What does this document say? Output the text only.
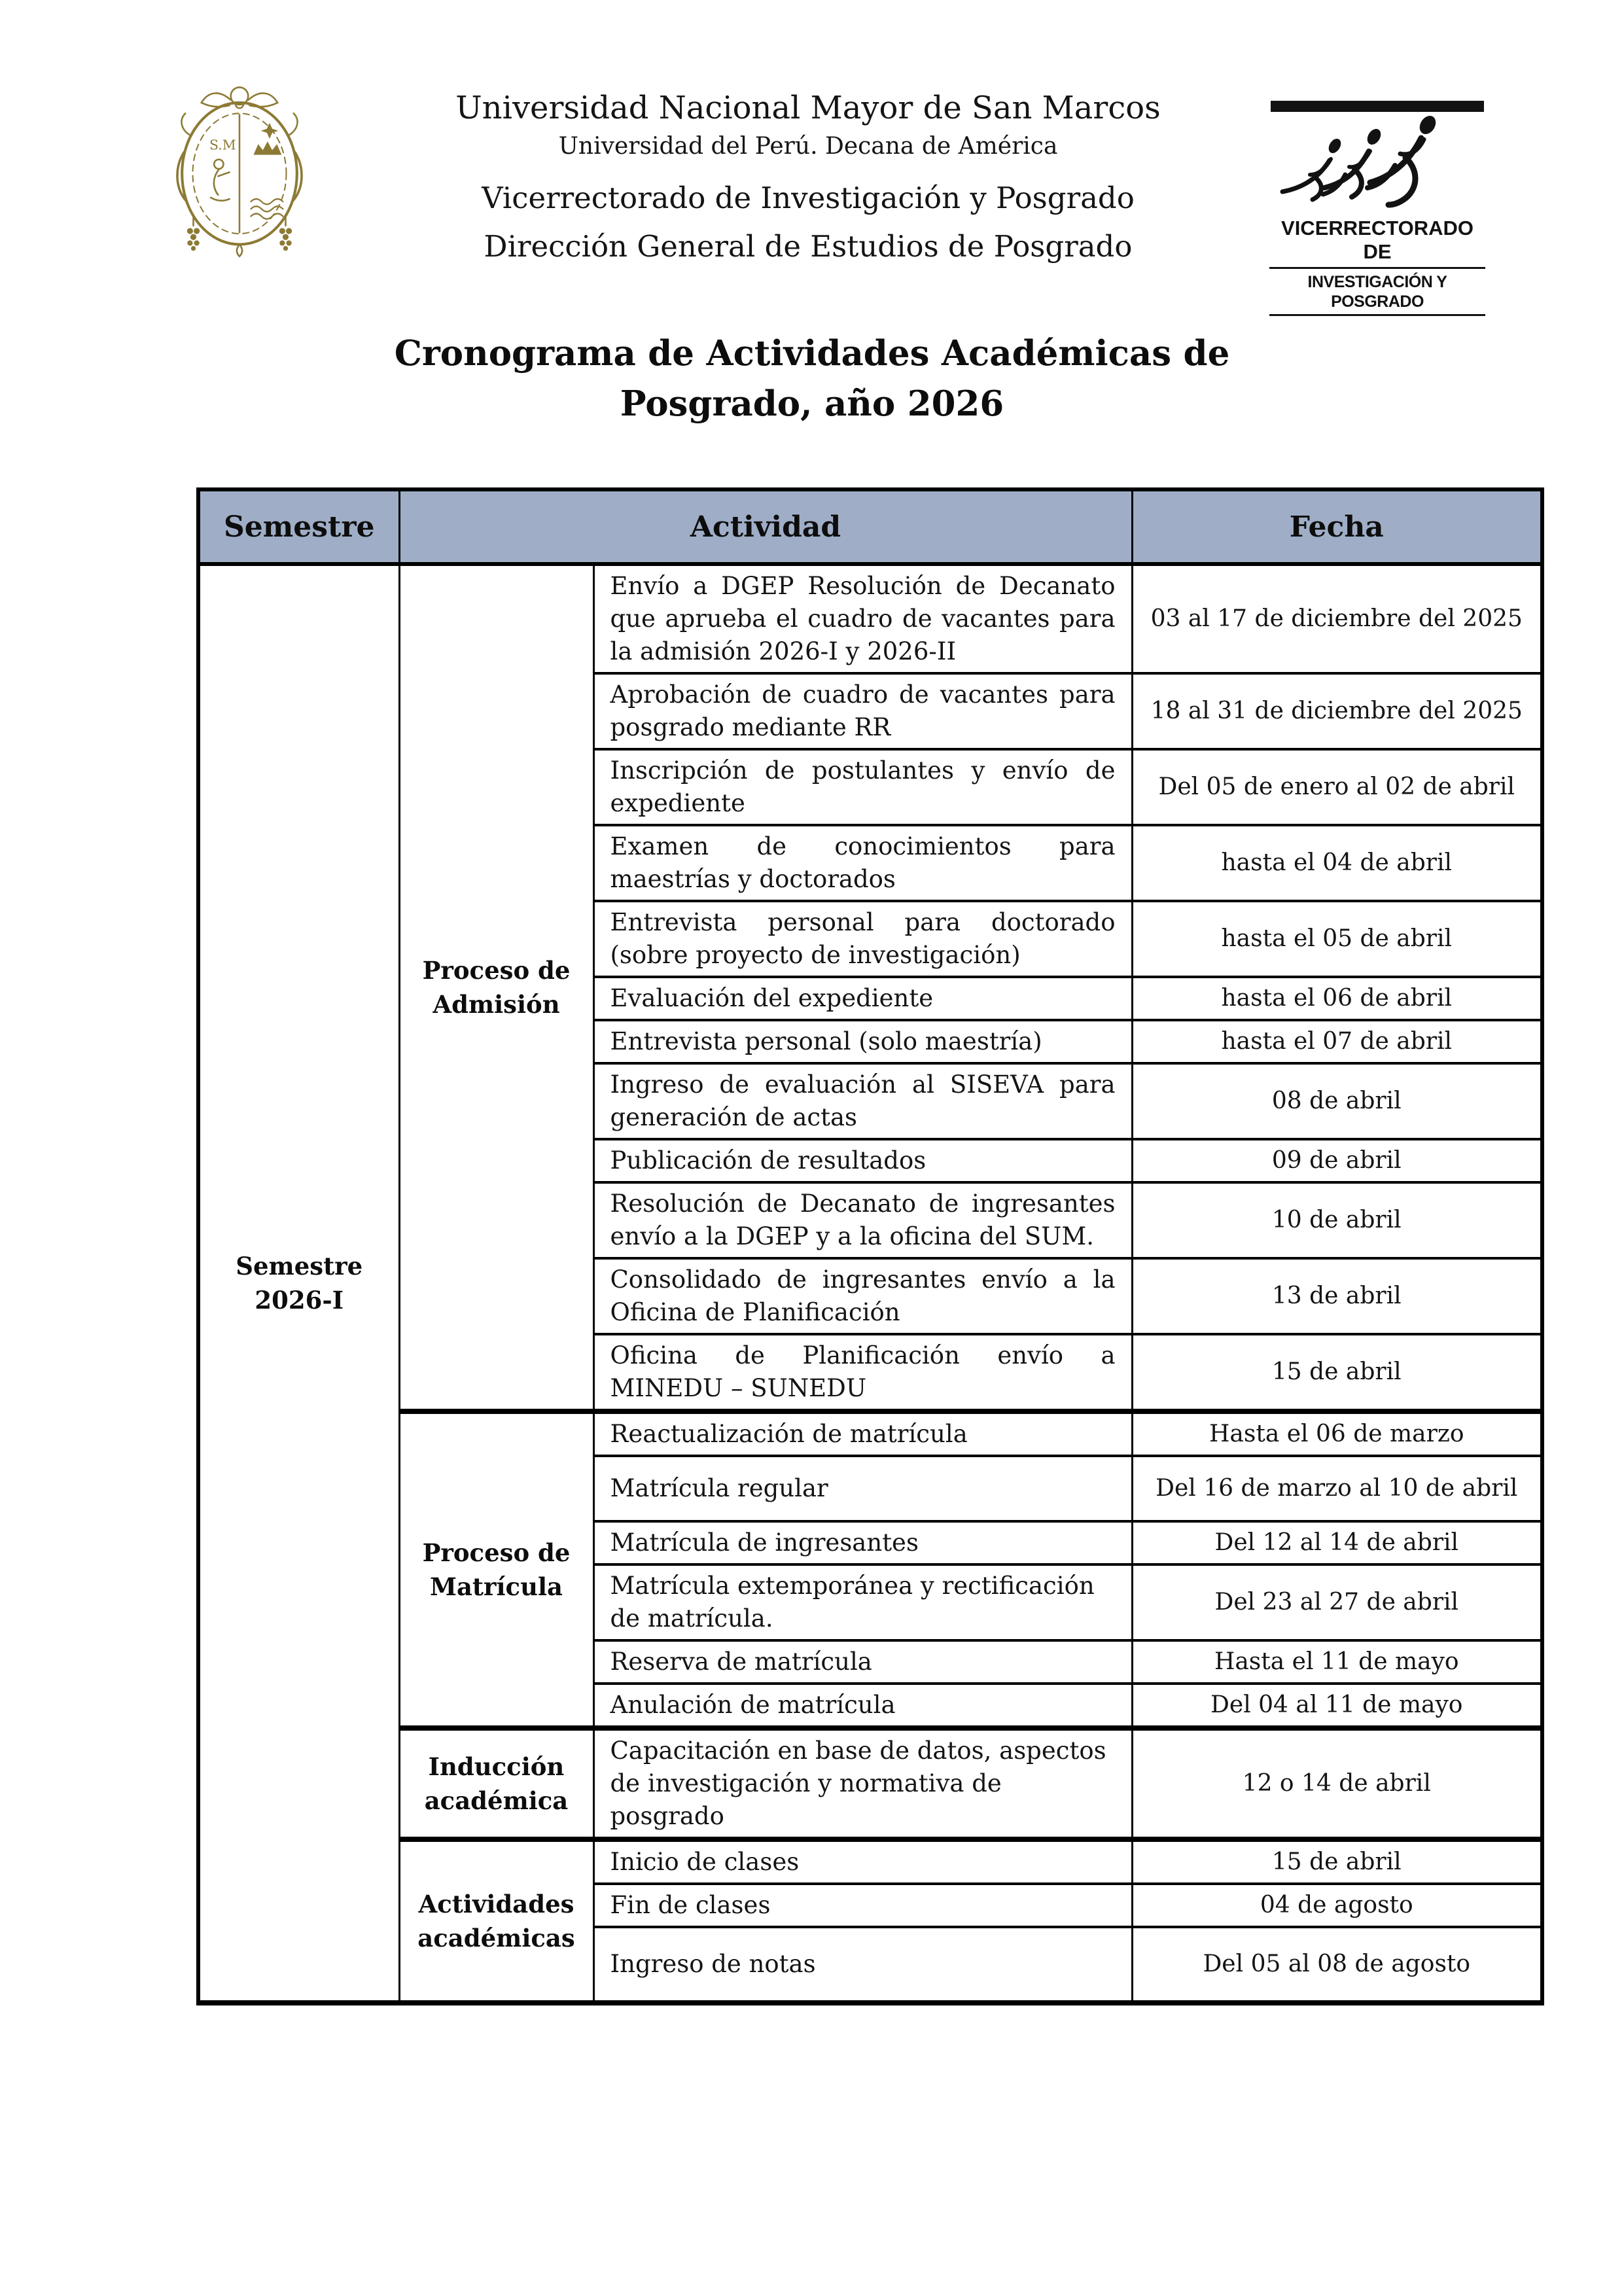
S.M
Universidad Nacional Mayor de San Marcos
Universidad del Perú. Decana de América
Vicerrectorado de Investigación y Posgrado
Dirección General de Estudios de Posgrado
VICERRECTORADO DE
INVESTIGACIÓN Y POSGRADO
Cronograma de Actividades Académicas de
Posgrado, año 2026
Semestre	Actividad		Fecha
Semestre 2026-I	Proceso de Admisión	Envío a DGEP Resolución de Decanato que aprueba el cuadro de vacantes para la admisión 2026-I y 2026-II	03 al 17 de diciembre del 2025
		Aprobación de cuadro de vacantes para posgrado mediante RR	18 al 31 de diciembre del 2025
		Inscripción de postulantes y envío de expediente	Del 05 de enero al 02 de abril
		Examen de conocimientos para maestrías y doctorados	hasta el 04 de abril
		Entrevista personal para doctorado (sobre proyecto de investigación)	hasta el 05 de abril
		Evaluación del expediente	hasta el 06 de abril
		Entrevista personal (solo maestría)	hasta el 07 de abril
		Ingreso de evaluación al SISEVA para generación de actas	08 de abril
		Publicación de resultados	09 de abril
		Resolución de Decanato de ingresantes envío a la DGEP y a la oficina del SUM.	10 de abril
		Consolidado de ingresantes envío a la Oficina de Planificación	13 de abril
		Oficina de Planificación envío a MINEDU – SUNEDU	15 de abril
	Proceso de Matrícula	Reactualización de matrícula	Hasta el 06 de marzo
		Matrícula regular	Del 16 de marzo al 10 de abril
		Matrícula de ingresantes	Del 12 al 14 de abril
		Matrícula extemporánea y rectificación de matrícula.	Del 23 al 27 de abril
		Reserva de matrícula	Hasta el 11 de mayo
		Anulación de matrícula	Del 04 al 11 de mayo
	Inducción académica	Capacitación en base de datos, aspectos de investigación y normativa de posgrado	12 o 14 de abril
	Actividades académicas	Inicio de clases	15 de abril
		Fin de clases	04 de agosto
		Ingreso de notas	Del 05 al 08 de agosto
